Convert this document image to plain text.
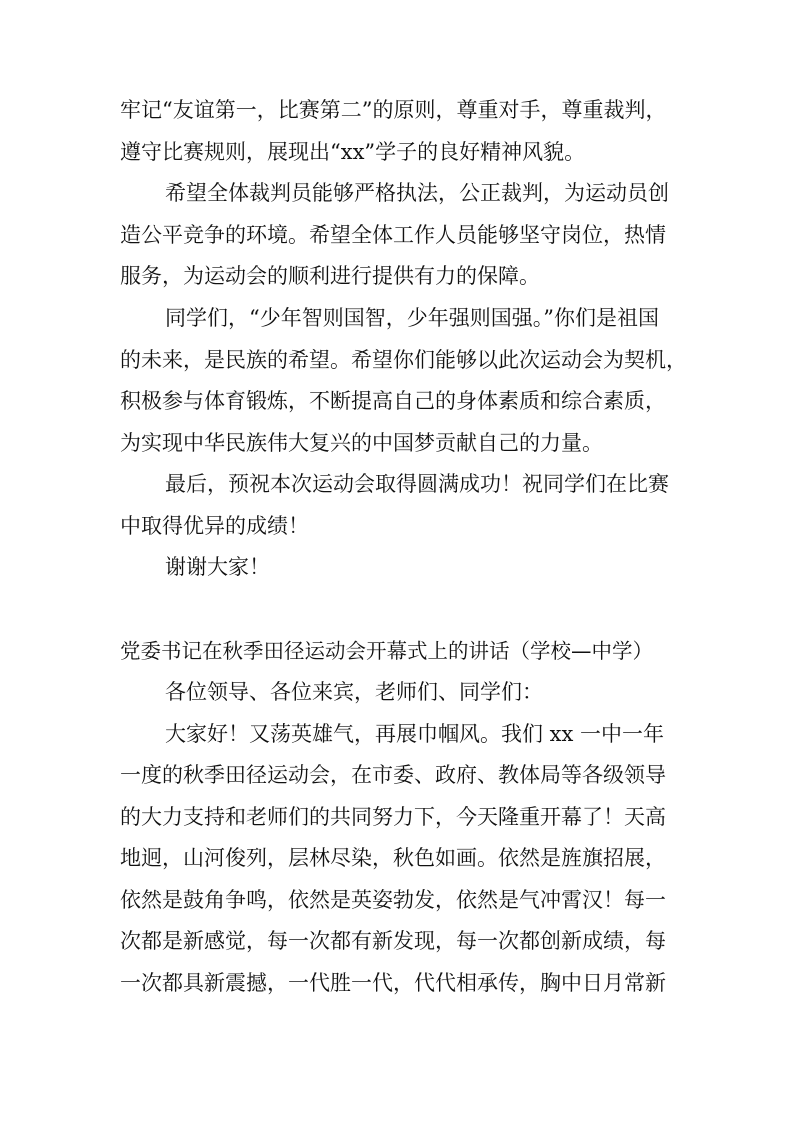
牢记“友谊第一，比赛第二”的原则，尊重对手，尊重裁判，
遵守比赛规则，展现出“xx”学子的良好精神风貌。
希望全体裁判员能够严格执法，公正裁判，为运动员创
造公平竞争的环境。希望全体工作人员能够坚守岗位，热情
服务，为运动会的顺利进行提供有力的保障。
同学们，“少年智则国智，少年强则国强。”你们是祖国
的未来，是民族的希望。希望你们能够以此次运动会为契机，
积极参与体育锻炼，不断提高自己的身体素质和综合素质，
为实现中华民族伟大复兴的中国梦贡献自己的力量。
最后，预祝本次运动会取得圆满成功！祝同学们在比赛
中取得优异的成绩！
谢谢大家！
党委书记在秋季田径运动会开幕式上的讲话（学校—中学）
各位领导、各位来宾，老师们、同学们：
大家好！又荡英雄气，再展巾帼风。我们 xx 一中一年
一度的秋季田径运动会，在市委、政府、教体局等各级领导
的大力支持和老师们的共同努力下，今天隆重开幕了！天高
地迥，山河俊列，层林尽染，秋色如画。依然是旌旗招展，
依然是鼓角争鸣，依然是英姿勃发，依然是气冲霄汉！每一
次都是新感觉，每一次都有新发现，每一次都创新成绩，每
一次都具新震撼，一代胜一代，代代相承传，胸中日月常新
